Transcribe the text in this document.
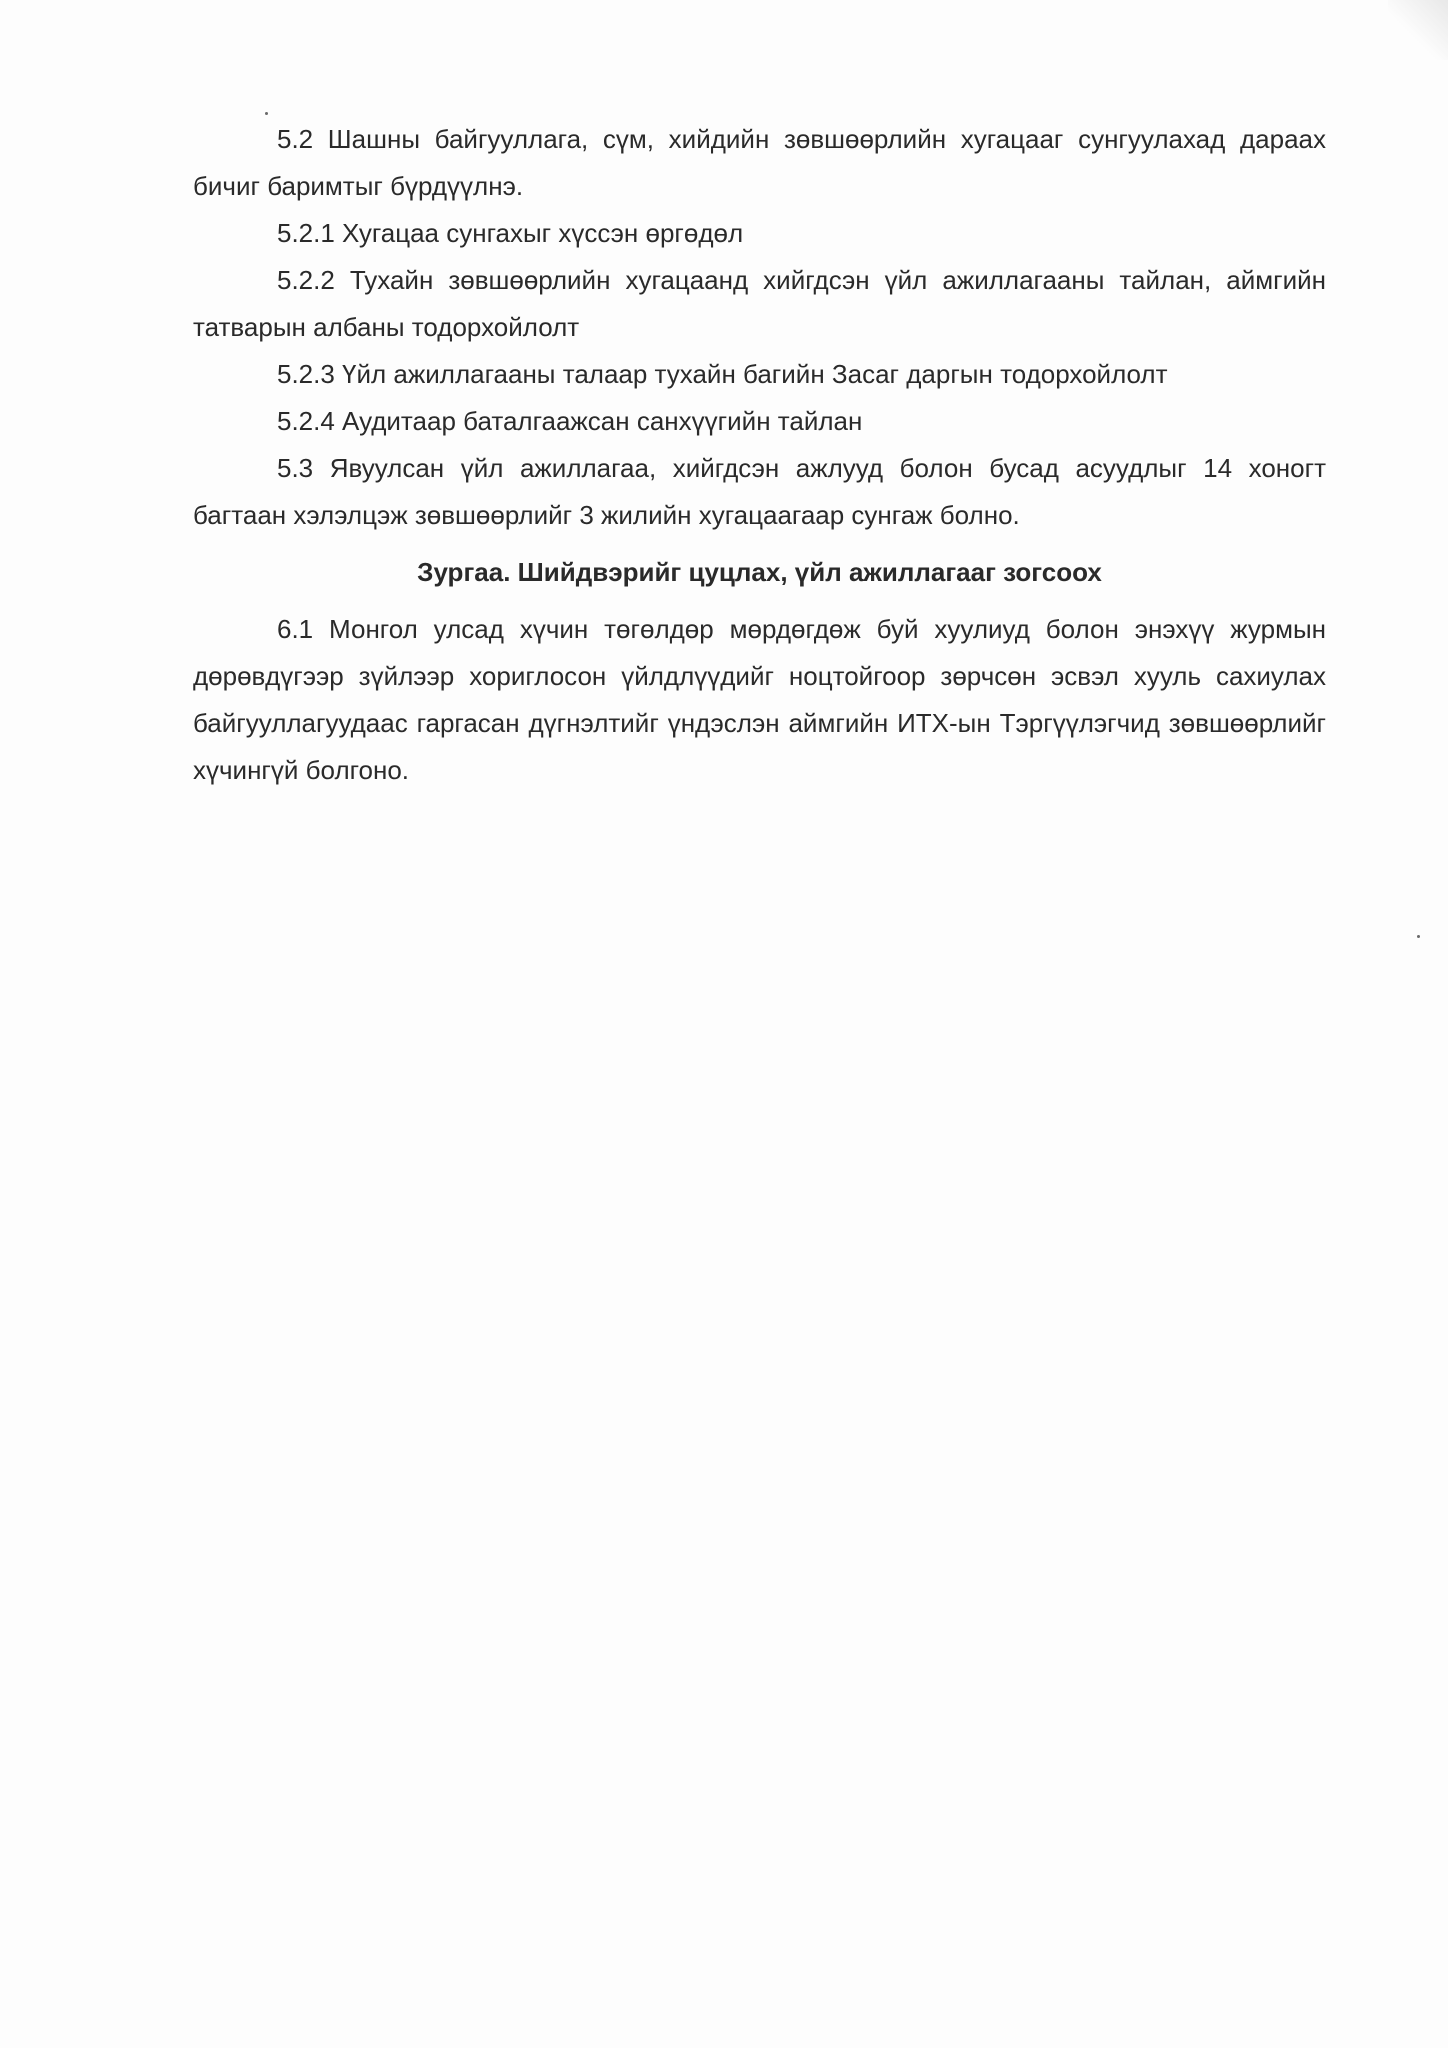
5.2 Шашны байгууллага, сүм, хийдийн зөвшөөрлийн хугацааг сунгуулахад дараах бичиг баримтыг бүрдүүлнэ.

5.2.1 Хугацаа сунгахыг хүссэн өргөдөл

5.2.2 Тухайн зөвшөөрлийн хугацаанд хийгдсэн үйл ажиллагааны тайлан, аймгийн татварын албаны тодорхойлолт

5.2.3 Үйл ажиллагааны талаар тухайн багийн Засаг даргын тодорхойлолт

5.2.4 Аудитаар баталгаажсан санхүүгийн тайлан

5.3 Явуулсан үйл ажиллагаа, хийгдсэн ажлууд болон бусад асуудлыг 14 хоногт багтаан хэлэлцэж зөвшөөрлийг 3 жилийн хугацаагаар сунгаж болно.

Зургаа. Шийдвэрийг цуцлах, үйл ажиллагааг зогсоох

6.1 Монгол улсад хүчин төгөлдөр мөрдөгдөж буй хуулиуд болон энэхүү журмын дөрөвдүгээр зүйлээр хориглосон үйлдлүүдийг ноцтойгоор зөрчсөн эсвэл хууль сахиулах байгууллагуудаас гаргасан дүгнэлтийг үндэслэн аймгийн ИТХ-ын Тэргүүлэгчид зөвшөөрлийг хүчингүй болгоно.
